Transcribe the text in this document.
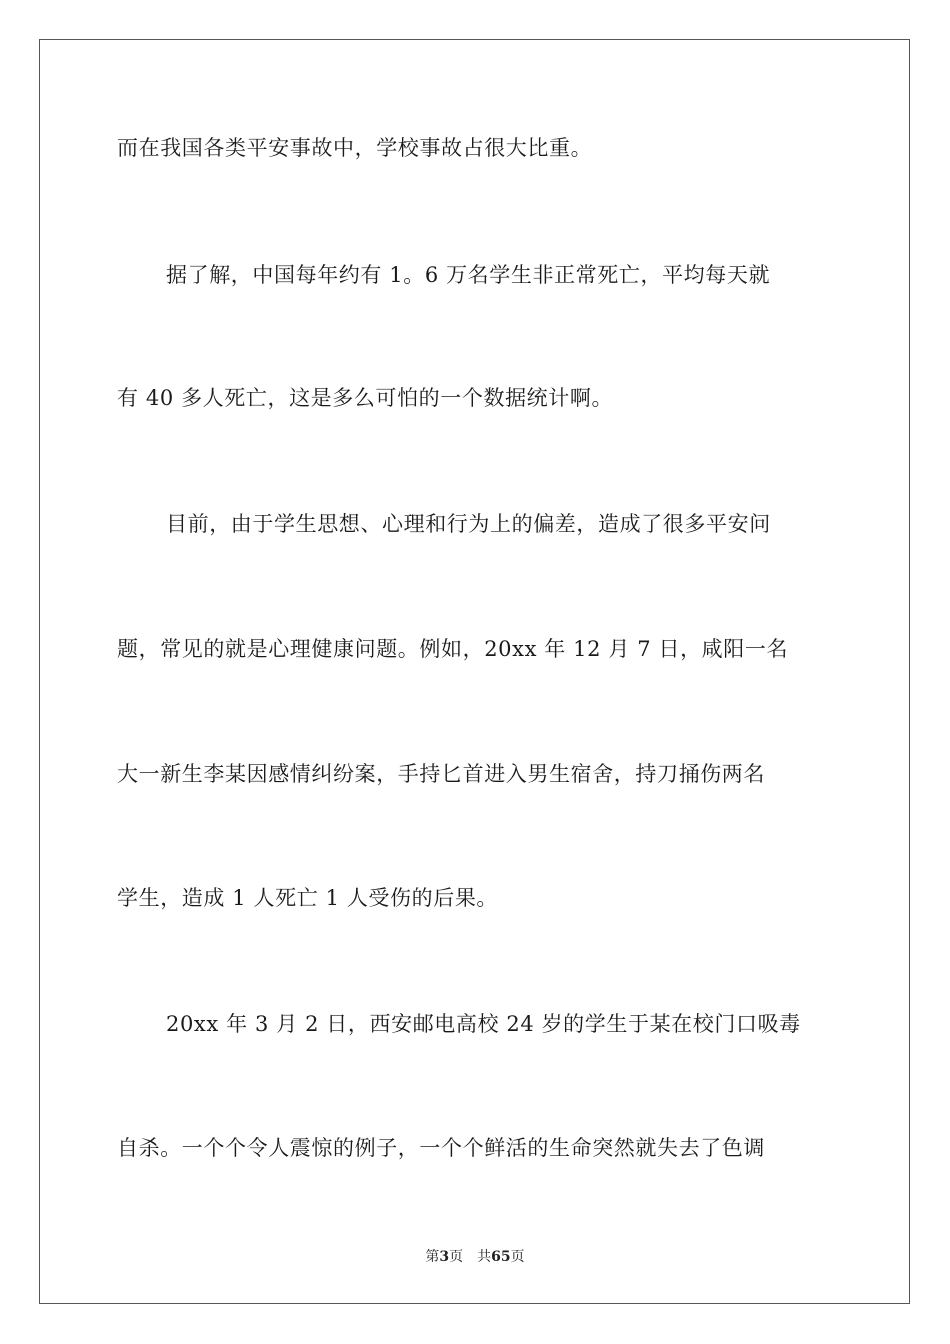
而在我国各类平安事故中，学校事故占很大比重。
据了解，中国每年约有 1。6 万名学生非正常死亡，平均每天就
有 40 多人死亡，这是多么可怕的一个数据统计啊。
目前，由于学生思想、心理和行为上的偏差，造成了很多平安问
题，常见的就是心理健康问题。例如，20xx 年 12 月 7 日，咸阳一名
大一新生李某因感情纠纷案，手持匕首进入男生宿舍，持刀捅伤两名
学生，造成 1 人死亡 1 人受伤的后果。
20xx 年 3 月 2 日，西安邮电高校 24 岁的学生于某在校门口吸毒
自杀。一个个令人震惊的例子，一个个鲜活的生命突然就失去了色调
第3页 共65页
